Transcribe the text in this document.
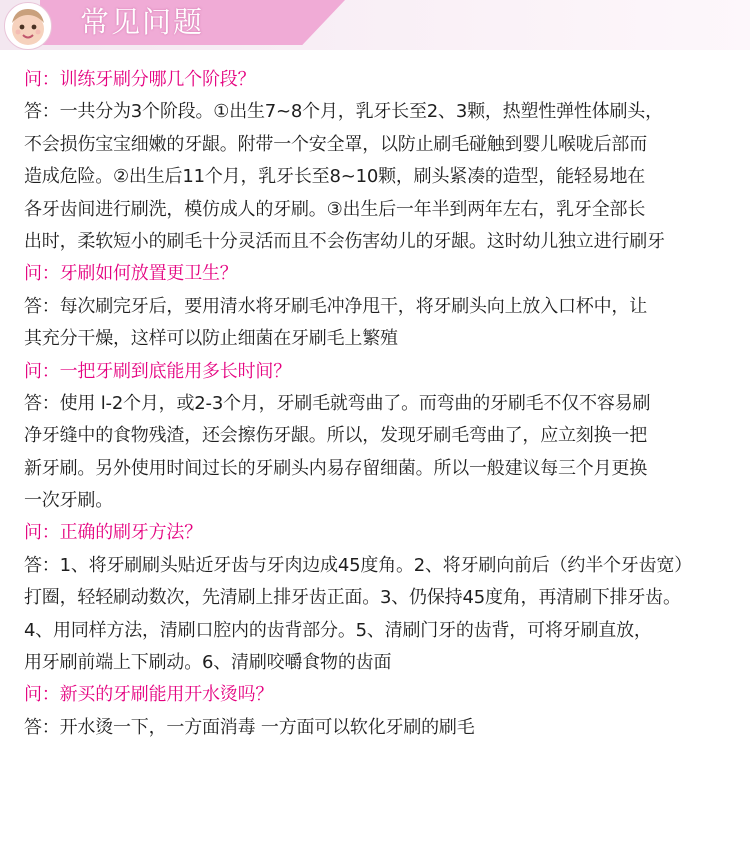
常见问题
问：训练牙刷分哪几个阶段？
答：一共分为3个阶段。①出生7~8个月，乳牙长至2、3颗，热塑性弹性体刷头，
不会损伤宝宝细嫩的牙龈。附带一个安全罩，以防止刷毛碰触到婴儿喉咙后部而
造成危险。②出生后11个月，乳牙长至8~10颗，刷头紧凑的造型，能轻易地在
各牙齿间进行刷洗，模仿成人的牙刷。③出生后一年半到两年左右，乳牙全部长
出时，柔软短小的刷毛十分灵活而且不会伤害幼儿的牙龈。这时幼儿独立进行刷牙
问：牙刷如何放置更卫生？
答：每次刷完牙后，要用清水将牙刷毛冲净甩干，将牙刷头向上放入口杯中，让
其充分干燥，这样可以防止细菌在牙刷毛上繁殖
问：一把牙刷到底能用多长时间？
答：使用 l-2个月，或2-3个月，牙刷毛就弯曲了。而弯曲的牙刷毛不仅不容易刷
净牙缝中的食物残渣，还会擦伤牙龈。所以，发现牙刷毛弯曲了，应立刻换一把
新牙刷。另外使用时间过长的牙刷头内易存留细菌。所以一般建议每三个月更换
一次牙刷。
问：正确的刷牙方法？
答：1、将牙刷刷头贴近牙齿与牙肉边成45度角。2、将牙刷向前后（约半个牙齿宽）
打圈，轻轻刷动数次，先清刷上排牙齿正面。3、仍保持45度角，再清刷下排牙齿。
4、用同样方法，清刷口腔内的齿背部分。5、清刷门牙的齿背，可将牙刷直放，
用牙刷前端上下刷动。6、清刷咬嚼食物的齿面
问：新买的牙刷能用开水烫吗？
答：开水烫一下，一方面消毒 一方面可以软化牙刷的刷毛
